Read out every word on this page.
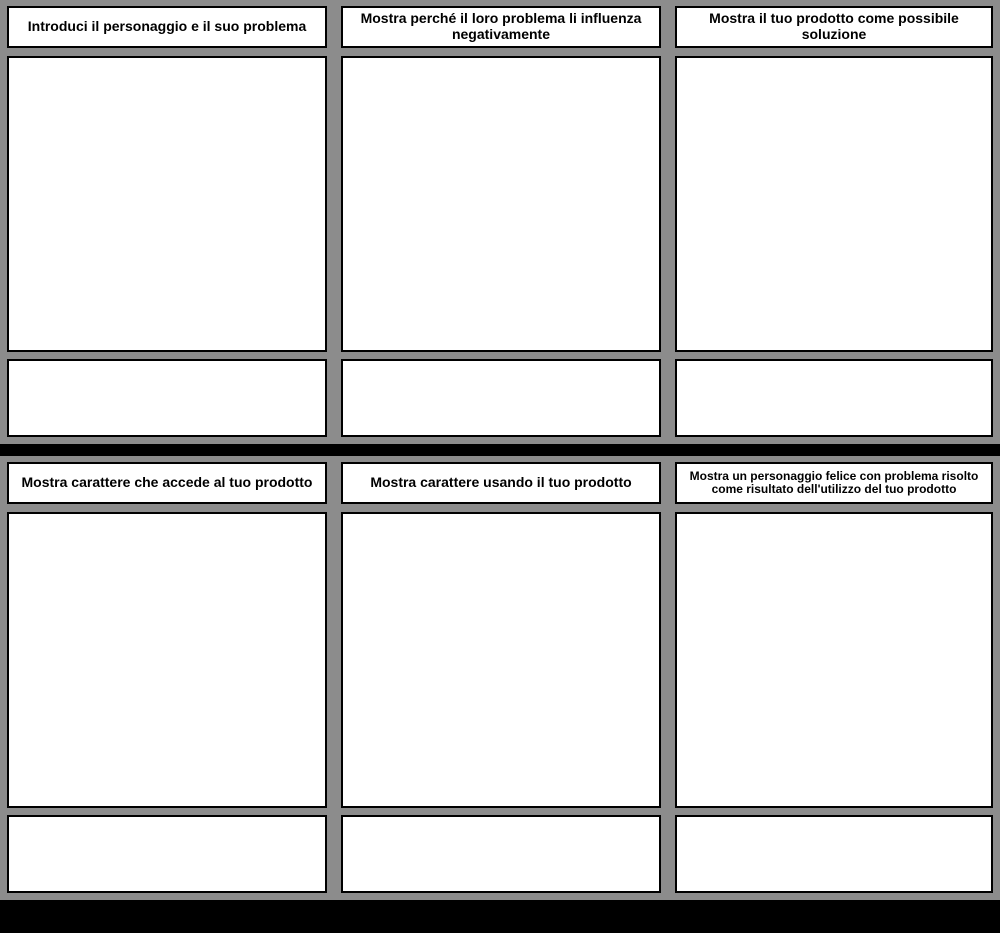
Introduci il personaggio e il suo problema	Mostra perché il loro problema li influenza negativamente
Mostra il tuo prodotto come possibile soluzione
Mostra carattere che accede al tuo prodotto	Mostra carattere usando il tuo prodotto	Mostra un personaggio felice con problema risolto come risultato dell'utilizzo del tuo prodotto
